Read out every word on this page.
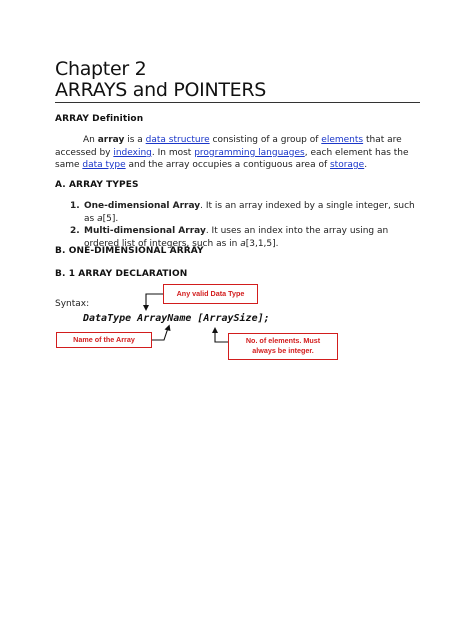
Chapter 2
ARRAYS and POINTERS
ARRAY Definition
An array is a data structure consisting of a group of elements that are accessed by indexing. In most programming languages, each element has the same data type and the array occupies a contiguous area of storage.
A. ARRAY TYPES
1. One-dimensional Array. It is an array indexed by a single integer, such as a[5].
2. Multi-dimensional Array. It uses an index into the array using an ordered list of integers, such as in a[3,1,5].
B. ONE-DIMENSIONAL ARRAY
B. 1 ARRAY DECLARATION
Syntax:
DataType ArrayName [ArraySize];
Any valid Data Type
Name of the Array	No. of elements. Must
always be integer.
